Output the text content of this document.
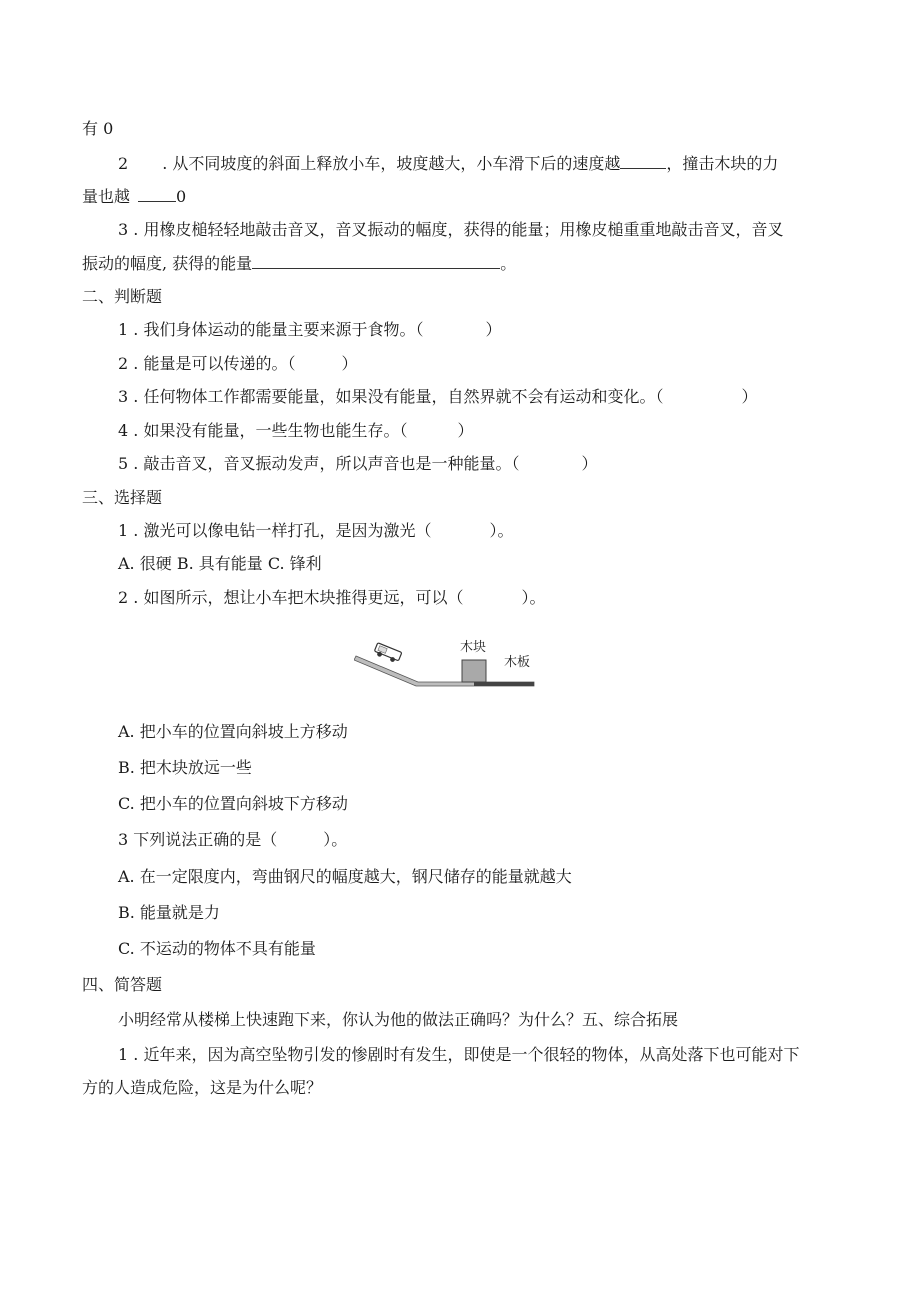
有 0
2 . 从不同坡度的斜面上释放小车，坡度越大，小车滑下后的速度越	，撞击木块的力
量也越	0
3 . 用橡皮槌轻轻地敲击音叉，音叉振动的幅度，获得的能量；用橡皮槌重重地敲击音叉，音叉
振动的幅度, 获得的能量	。
二、判断题
1 . 我们身体运动的能量主要来源于食物。（	）
2 . 能量是可以传递的。（	）
3 . 任何物体工作都需要能量，如果没有能量，自然界就不会有运动和变化。（	）
4 . 如果没有能量，一些生物也能生存。（	）
5 . 敲击音叉，音叉振动发声，所以声音也是一种能量。（	）
三、选择题
1 . 激光可以像电钻一样打孔，是因为激光（	）。
A. 很硬 B. 具有能量 C. 锋利
2 . 如图所示，想让小车把木块推得更远，可以（	）。
木块
木板
A. 把小车的位置向斜坡上方移动
B. 把木块放远一些
C. 把小车的位置向斜坡下方移动
3 下列说法正确的是（	）。
A. 在一定限度内，弯曲钢尺的幅度越大，钢尺储存的能量就越大
B. 能量就是力
C. 不运动的物体不具有能量
四、简答题
小明经常从楼梯上快速跑下来，你认为他的做法正确吗？为什么？五、综合拓展
1 . 近年来，因为高空坠物引发的惨剧时有发生，即使是一个很轻的物体，从高处落下也可能对下
方的人造成危险，这是为什么呢？
